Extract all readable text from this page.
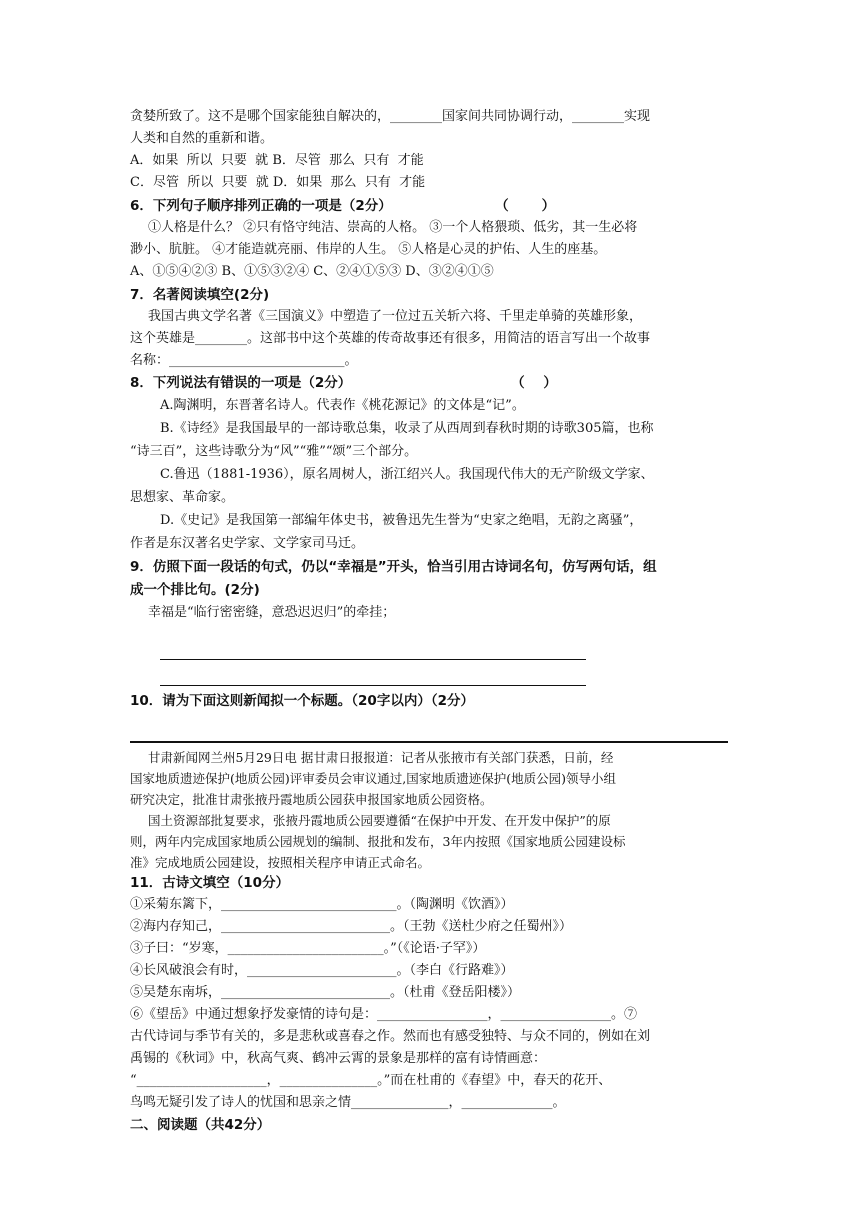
贪婪所致了。这不是哪个国家能独自解决的，________国家间共同协调行动，________实现
人类和自然的重新和谐。
A．如果  所以  只要  就 B．尽管  那么  只有  才能
C．尽管  所以  只要  就 D．如果  那么  只有  才能
6．下列句子顺序排列正确的一项是（2分）                      （       ）
①人格是什么？ ②只有恪守纯洁、崇高的人格。 ③一个人格猥琐、低劣，其一生必将
渺小、肮脏。 ④才能造就亮丽、伟岸的人生。 ⑤人格是心灵的护佑、人生的座基。
A、①⑤④②③ B、①⑤③②④ C、②④①⑤③ D、③②④①⑤
7．名著阅读填空(2分)
我国古典文学名著《三国演义》中塑造了一位过五关斩六将、千里走单骑的英雄形象，
这个英雄是________。这部书中这个英雄的传奇故事还有很多，用简洁的语言写出一个故事
名称：___________________________。
8．下列说法有错误的一项是（2分）                                  （    ）
A.陶渊明，东晋著名诗人。代表作《桃花源记》的文体是“记”。
B.《诗经》是我国最早的一部诗歌总集，收录了从西周到春秋时期的诗歌305篇，也称
“诗三百”，这些诗歌分为“风”“雅”“颂”三个部分。
C.鲁迅（1881-1936），原名周树人，浙江绍兴人。我国现代伟大的无产阶级文学家、
思想家、革命家。
D.《史记》是我国第一部编年体史书，被鲁迅先生誉为“史家之绝唱，无韵之离骚”，
作者是东汉著名史学家、文学家司马迁。
9．仿照下面一段话的句式，仍以“幸福是”开头，恰当引用古诗词名句，仿写两句话，组
成一个排比句。(2分)
幸福是“临行密密缝，意恐迟迟归”的牵挂；
10．请为下面这则新闻拟一个标题。（20字以内）（2分）
甘肃新闻网兰州5月29日电 据甘肃日报报道：记者从张掖市有关部门获悉，日前，经
国家地质遗迹保护(地质公园)评审委员会审议通过,国家地质遗迹保护(地质公园)领导小组
研究决定，批准甘肃张掖丹霞地质公园获申报国家地质公园资格。
国土资源部批复要求，张掖丹霞地质公园要遵循“在保护中开发、在开发中保护”的原
则，两年内完成国家地质公园规划的编制、报批和发布，3年内按照《国家地质公园建设标
准》完成地质公园建设，按照相关程序申请正式命名。
11．古诗文填空（10分）
①采菊东篱下，___________________________。（陶渊明《饮酒》）
②海内存知己，__________________________。（王勃《送杜少府之任蜀州》）
③子曰：“岁寒，________________________。”（《论语·子罕》）
④长风破浪会有时，_______________________。（李白《行路难》）
⑤吴楚东南坼，__________________________。（杜甫《登岳阳楼》）
⑥《望岳》中通过想象抒发豪情的诗句是：_________________，_________________。⑦
古代诗词与季节有关的，多是悲秋或喜春之作。然而也有感受独特、与众不同的，例如在刘
禹锡的《秋词》中，秋高气爽、鹤冲云霄的景象是那样的富有诗情画意：
“____________________，_______________。”而在杜甫的《春望》中，春天的花开、
鸟鸣无疑引发了诗人的忧国和思亲之情_______________，______________。
二、阅读题（共42分）
